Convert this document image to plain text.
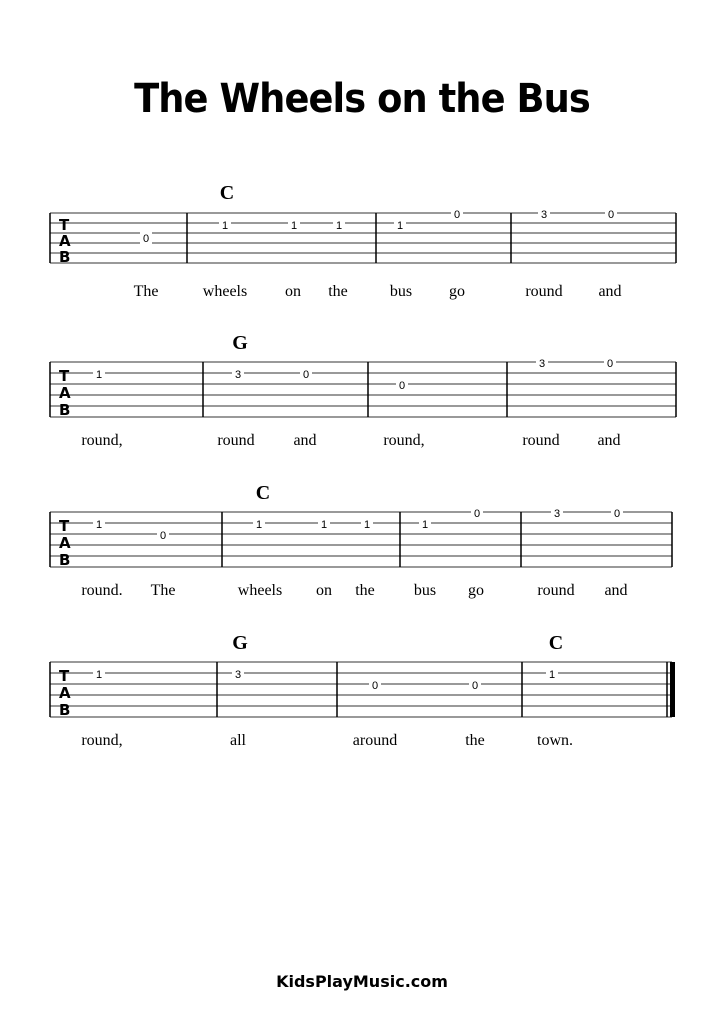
The Wheels on the Bus
C
T
A
B
0
1	1	1	1
0	3	0
The	wheels on the	bus go	round and
G
T
A
B
1	3	0
0
3	0
round,	round and	round,	round and
C
T
A
B
1
0
1	1	1	1
0	3	0
round. The	wheels on the bus go	round and
G	C
T
A
B
1	3
0	0
1
round,	all	around	the	town.
KidsPlayMusic.com
